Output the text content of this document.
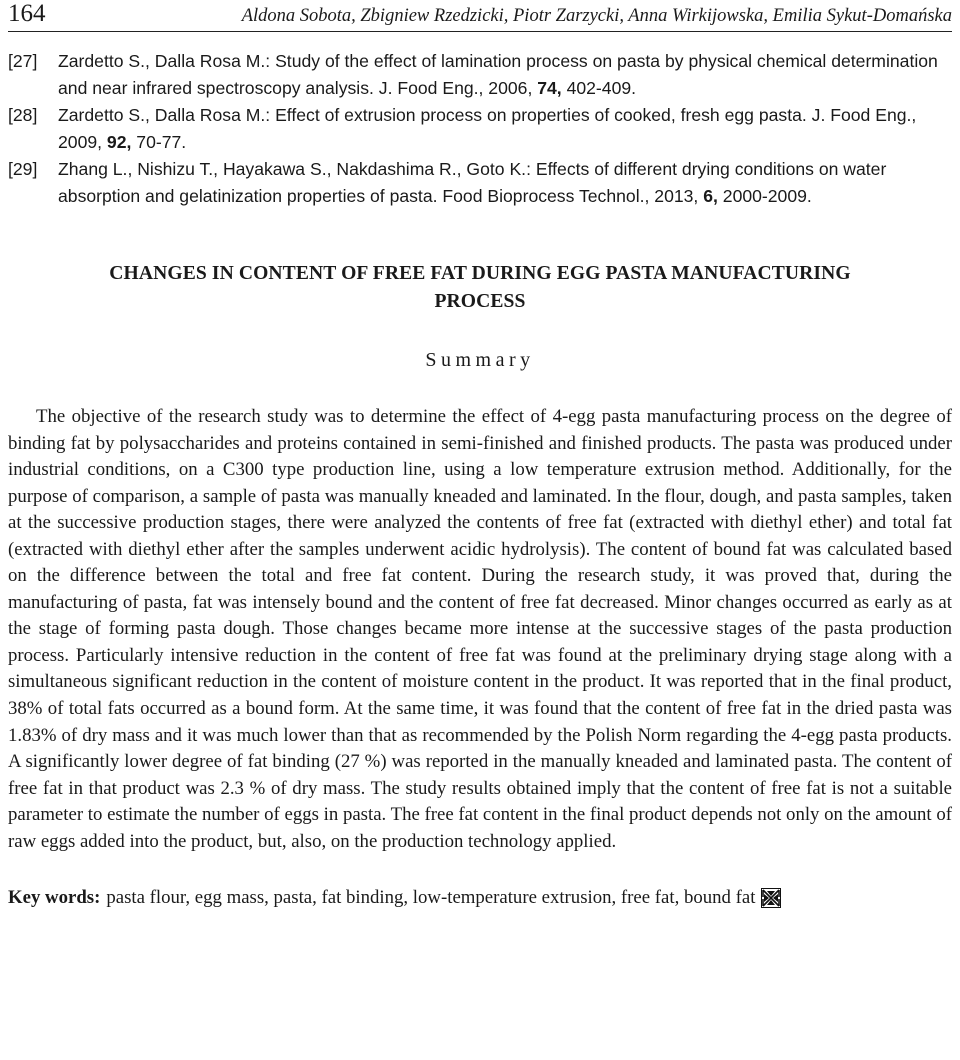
164	Aldona Sobota, Zbigniew Rzedzicki, Piotr Zarzycki, Anna Wirkijowska, Emilia Sykut-Domańska
[27]	Zardetto S., Dalla Rosa M.: Study of the effect of lamination process on pasta by physical chemical determination and near infrared spectroscopy analysis. J. Food Eng., 2006, 74, 402-409.
[28]	Zardetto S., Dalla Rosa M.: Effect of extrusion process on properties of cooked, fresh egg pasta. J. Food Eng., 2009, 92, 70-77.
[29]	Zhang L., Nishizu T., Hayakawa S., Nakdashima R., Goto K.: Effects of different drying conditions on water absorption and gelatinization properties of pasta. Food Bioprocess Technol., 2013, 6, 2000-2009.
CHANGES IN CONTENT OF FREE FAT DURING EGG PASTA MANUFACTURING
PROCESS
Summary

The objective of the research study was to determine the effect of 4-egg pasta manufacturing process on the degree of binding fat by polysaccharides and proteins contained in semi-finished and finished products. The pasta was produced under industrial conditions, on a C300 type production line, using a low temperature extrusion method. Additionally, for the purpose of comparison, a sample of pasta was manually kneaded and laminated. In the flour, dough, and pasta samples, taken at the successive production stages, there were analyzed the contents of free fat (extracted with diethyl ether) and total fat (extracted with diethyl ether after the samples underwent acidic hydrolysis). The content of bound fat was calculated based on the difference between the total and free fat content. During the research study, it was proved that, during the manufacturing of pasta, fat was intensely bound and the content of free fat decreased. Minor changes occurred as early as at the stage of forming pasta dough. Those changes became more intense at the successive stages of the pasta production process. Particularly intensive reduction in the content of free fat was found at the preliminary drying stage along with a simultaneous significant reduction in the content of moisture content in the product. It was reported that in the final product, 38% of total fats occurred as a bound form. At the same time, it was found that the content of free fat in the dried pasta was 1.83% of dry mass and it was much lower than that as recommended by the Polish Norm regarding the 4-egg pasta products. A significantly lower degree of fat binding (27 %) was reported in the manually kneaded and laminated pasta. The content of free fat in that product was 2.3 % of dry mass. The study results obtained imply that the content of free fat is not a suitable parameter to estimate the number of eggs in pasta. The free fat content in the final product depends not only on the amount of raw eggs added into the product, but, also, on the production technology applied.

Key words: pasta flour, egg mass, pasta, fat binding, low-temperature extrusion, free fat, bound fat
